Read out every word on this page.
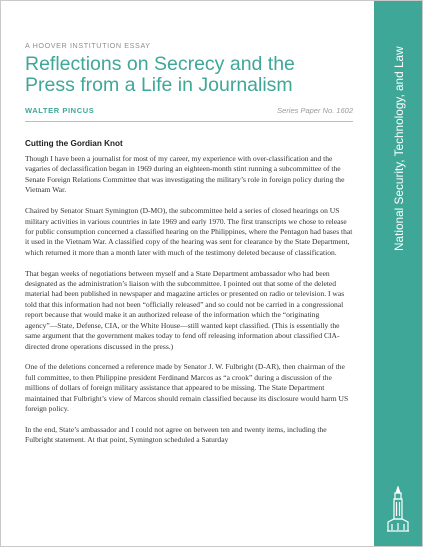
A HOOVER INSTITUTION ESSAY
Reflections on Secrecy and the
Press from a Life in Journalism
WALTER PINCUS	Series Paper No. 1602
Cutting the Gordian Knot

Though I have been a journalist for most of my career, my experience with over-classification and the vagaries of declassification began in 1969 during an eighteen-month stint running a subcommittee of the Senate Foreign Relations Committee that was investigating the military’s role in foreign policy during the Vietnam War.

Chaired by Senator Stuart Symington (D-MO), the subcommittee held a series of closed hearings on US military activities in various countries in late 1969 and early 1970. The first transcripts we chose to release for public consumption concerned a classified hearing on the Philippines, where the Pentagon had bases that it used in the Vietnam War. A classified copy of the hearing was sent for clearance by the State Department, which returned it more than a month later with much of the testimony deleted because of classification.

That began weeks of negotiations between myself and a State Department ambassador who had been designated as the administration’s liaison with the subcommittee. I pointed out that some of the deleted material had been published in newspaper and magazine articles or presented on radio or television. I was told that this information had not been “officially released” and so could not be carried in a congressional report because that would make it an authorized release of the information which the “originating agency”—State, Defense, CIA, or the White House—still wanted kept classified. (This is essentially the same argument that the government makes today to fend off releasing information about classified CIA-directed drone operations discussed in the press.)

One of the deletions concerned a reference made by Senator J. W. Fulbright (D-AR), then chairman of the full committee, to then Philippine president Ferdinand Marcos as “a crook” during a discussion of the millions of dollars of foreign military assistance that appeared to be missing. The State Department maintained that Fulbright’s view of Marcos should remain classified because its disclosure would harm US foreign policy.

In the end, State’s ambassador and I could not agree on between ten and twenty items, including the Fulbright statement. At that point, Symington scheduled a Saturday

National Security, Technology, and Law
